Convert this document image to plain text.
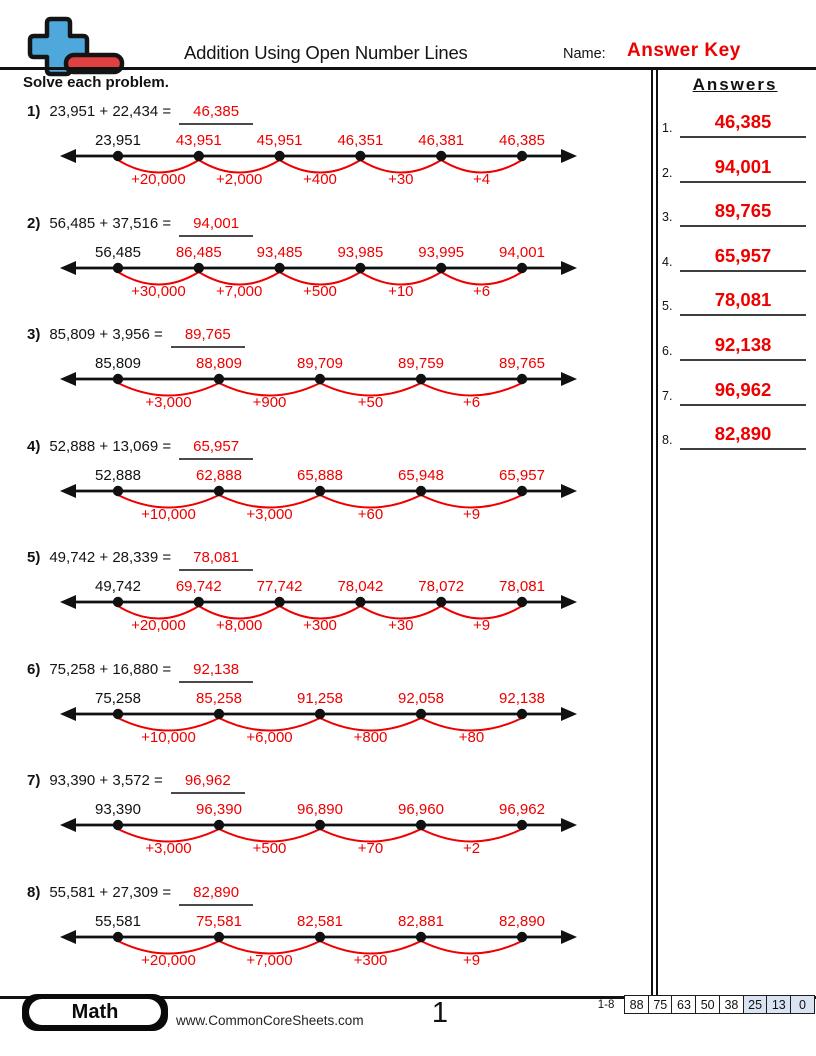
Addition Using Open Number Lines	Name: Answer Key
Solve each problem.
1) 23,951 + 22,434 =	46,385
+20,000 +2,000	+400	+30	+4
23,951 43,951 45,951 46,351 46,381 46,385
2) 56,485 + 37,516 =	94,001
+30,000 +7,000	+500	+10	+6
56,485 86,485 93,485 93,985 93,995 94,001
3) 85,809 + 3,956 =	89,765
+3,000	+900	+50	+6
85,809	88,809	89,709	89,759	89,765
4) 52,888 + 13,069 =	65,957
+10,000	+3,000	+60	+9
52,888	62,888	65,888	65,948	65,957
5) 49,742 + 28,339 =	78,081
+20,000 +8,000	+300	+30	+9
49,742 69,742 77,742 78,042 78,072 78,081
6) 75,258 + 16,880 =	92,138
+10,000	+6,000	+800	+80
75,258	85,258	91,258	92,058	92,138
7) 93,390 + 3,572 =	96,962
+3,000	+500	+70	+2
93,390	96,390	96,890	96,960	96,962
8) 55,581 + 27,309 =	82,890
+20,000	+7,000	+300	+9
55,581	75,581	82,581	82,881	82,890
Answers
1.	46,385
2.	94,001
3.	89,765
4.	65,957
5.	78,081
6.	92,138
7.	96,962
8.	82,890
Math	www.CommonCoreSheets.com	1	1-8	88 75 63 50 38 25 13	0
